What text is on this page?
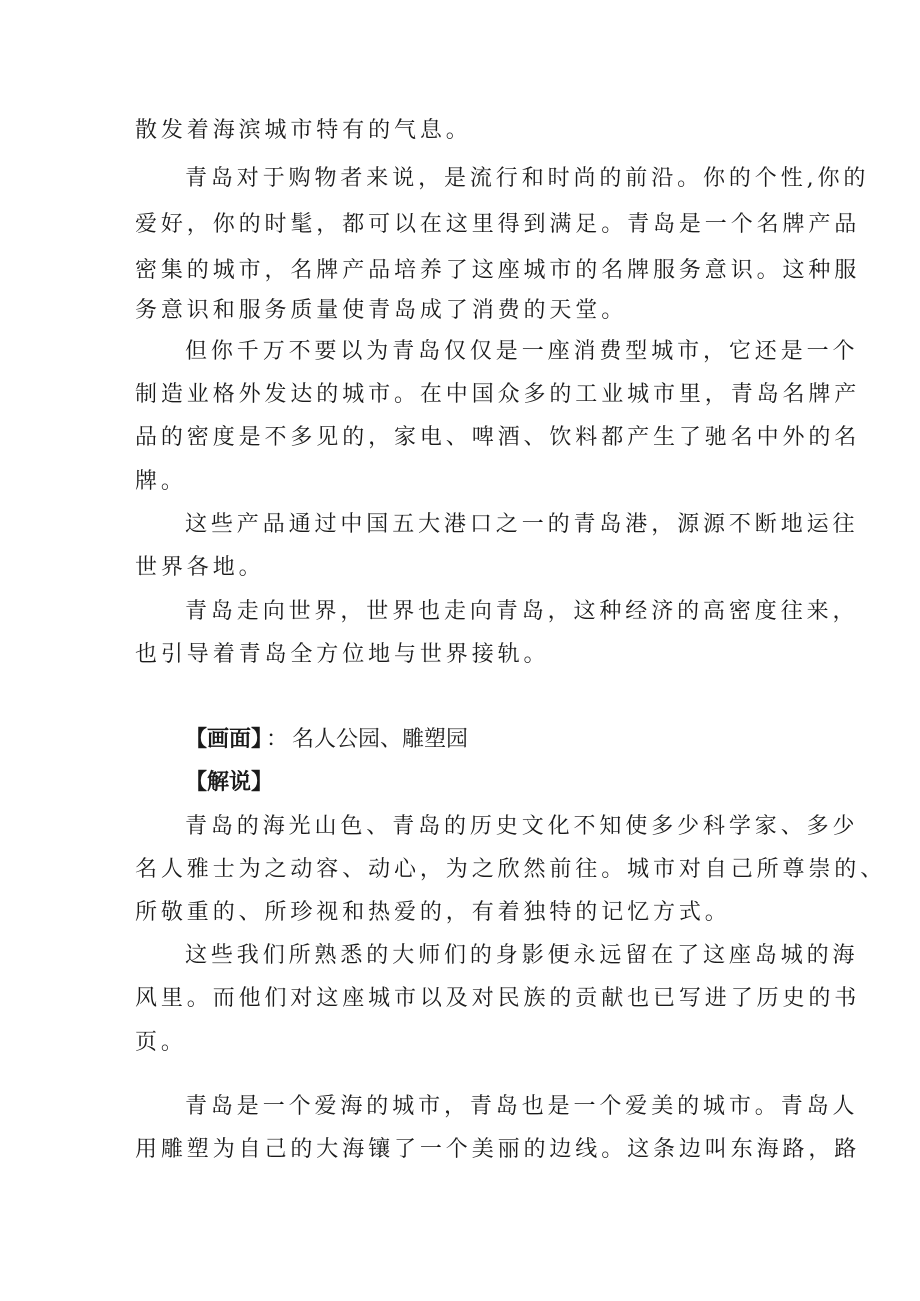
散发着海滨城市特有的气息。
青岛对于购物者来说，是流行和时尚的前沿。你的个性,你的
爱好，你的时髦，都可以在这里得到满足。青岛是一个名牌产品
密集的城市，名牌产品培养了这座城市的名牌服务意识。这种服
务意识和服务质量使青岛成了消费的天堂。
但你千万不要以为青岛仅仅是一座消费型城市，它还是一个
制造业格外发达的城市。在中国众多的工业城市里，青岛名牌产
品的密度是不多见的，家电、啤酒、饮料都产生了驰名中外的名
牌。
这些产品通过中国五大港口之一的青岛港，源源不断地运往
世界各地。
青岛走向世界，世界也走向青岛，这种经济的高密度往来，
也引导着青岛全方位地与世界接轨。
【画面】 ： 名人公园、雕塑园
【解说】
青岛的海光山色、青岛的历史文化不知使多少科学家、多少
名人雅士为之动容、动心，为之欣然前往。城市对自己所尊崇的、
所敬重的、所珍视和热爱的，有着独特的记忆方式。
这些我们所熟悉的大师们的身影便永远留在了这座岛城的海
风里。而他们对这座城市以及对民族的贡献也已写进了历史的书
页。
青岛是一个爱海的城市，青岛也是一个爱美的城市。青岛人
用雕塑为自己的大海镶了一个美丽的边线。这条边叫东海路，路
